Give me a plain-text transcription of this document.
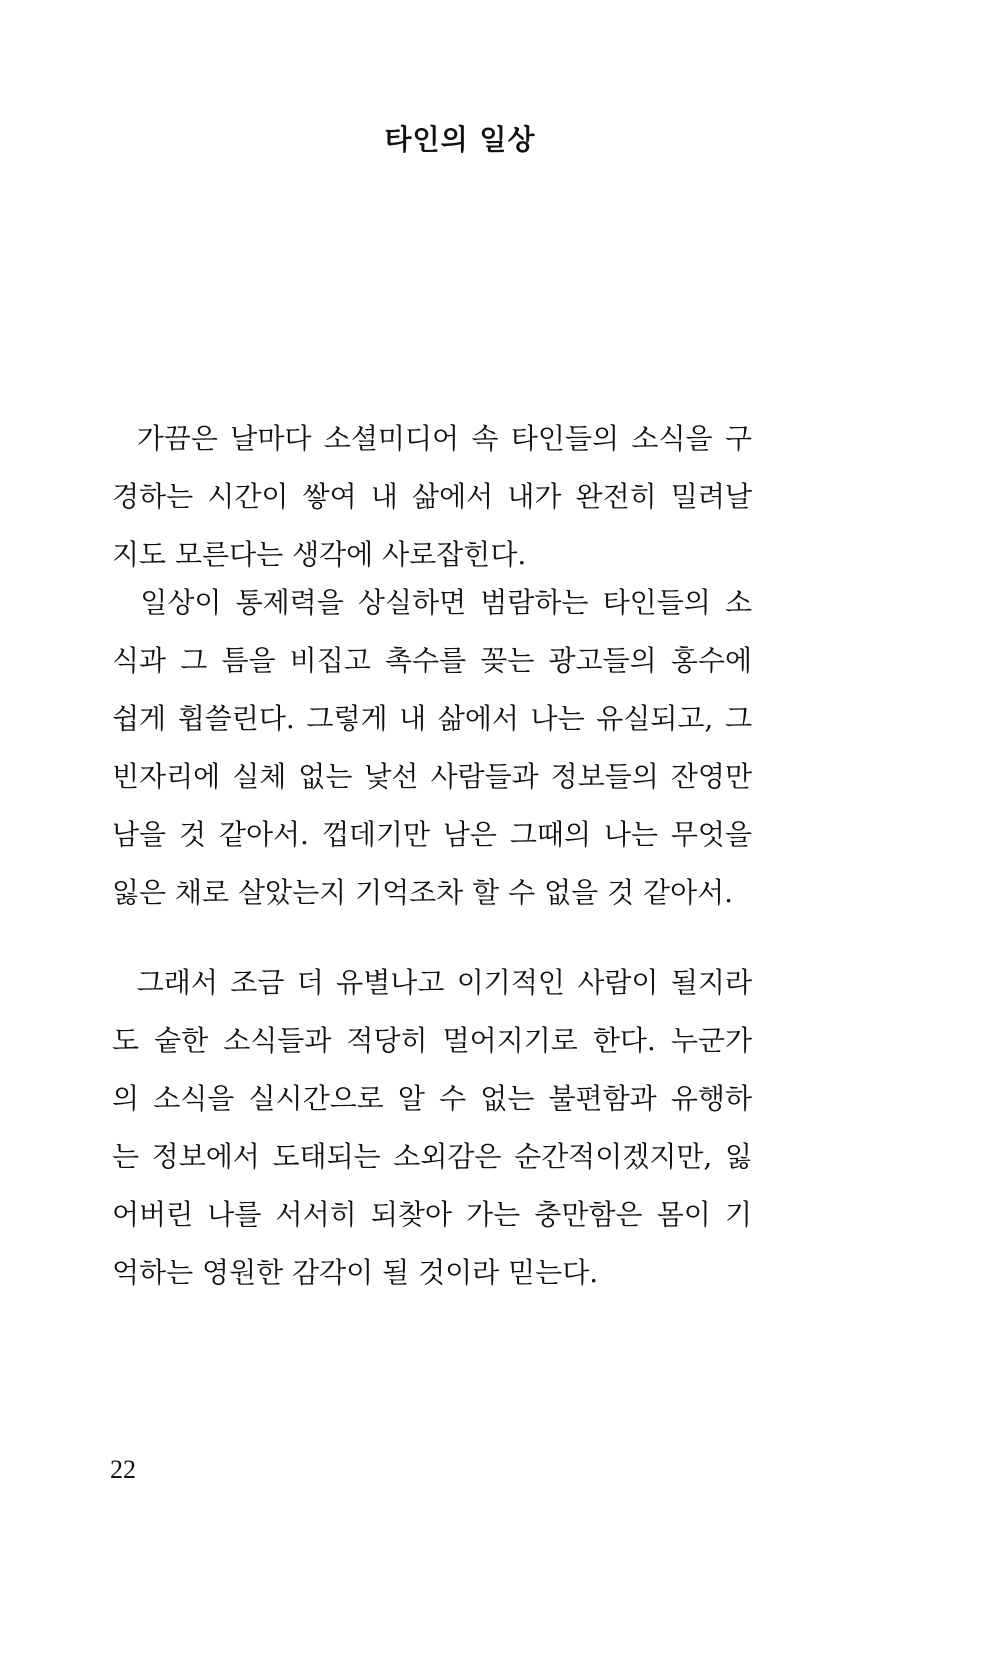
타인의 일상
가끔은 날마다 소셜미디어 속 타인들의 소식을 구
경하는 시간이 쌓여 내 삶에서 내가 완전히 밀려날
지도 모른다는 생각에 사로잡힌다.
일상이 통제력을 상실하면 범람하는 타인들의 소
식과 그 틈을 비집고 촉수를 꽂는 광고들의 홍수에
쉽게 휩쓸린다. 그렇게 내 삶에서 나는 유실되고, 그
빈자리에 실체 없는 낯선 사람들과 정보들의 잔영만
남을 것 같아서. 껍데기만 남은 그때의 나는 무엇을
잃은 채로 살았는지 기억조차 할 수 없을 것 같아서.
그래서 조금 더 유별나고 이기적인 사람이 될지라
도 숱한 소식들과 적당히 멀어지기로 한다. 누군가
의 소식을 실시간으로 알 수 없는 불편함과 유행하
는 정보에서 도태되는 소외감은 순간적이겠지만, 잃
어버린 나를 서서히 되찾아 가는 충만함은 몸이 기
억하는 영원한 감각이 될 것이라 믿는다.
22
